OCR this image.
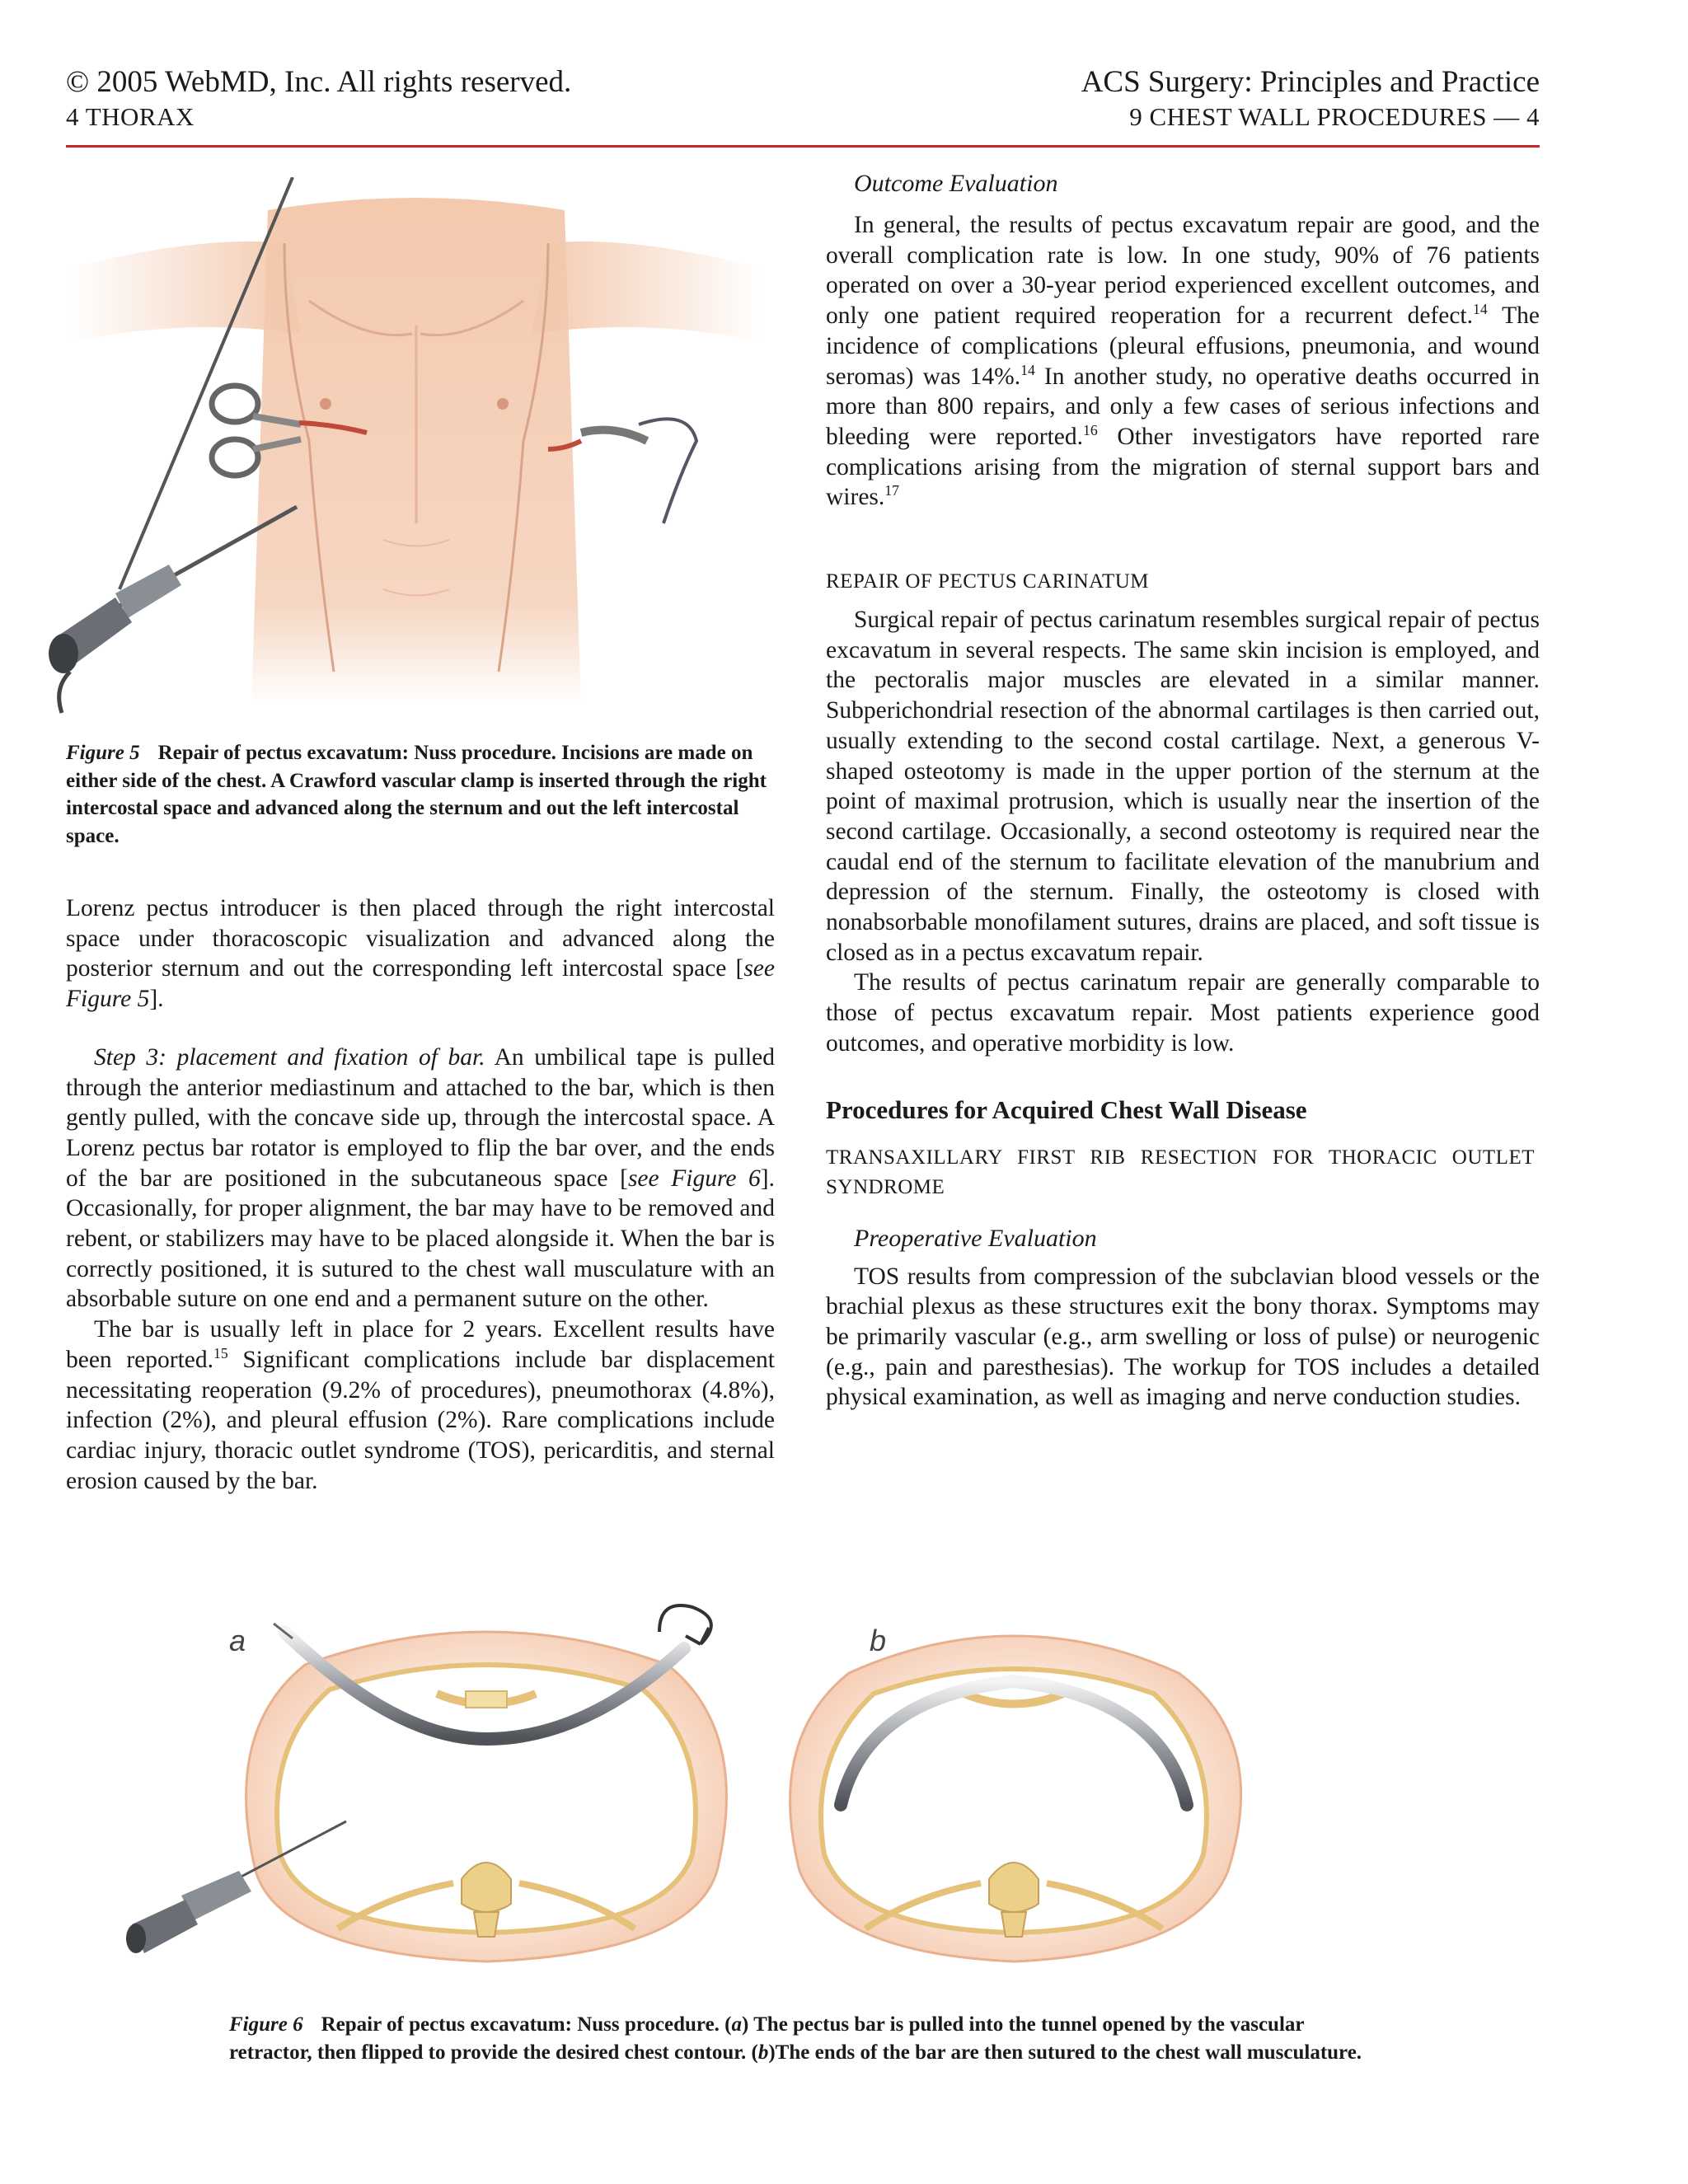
© 2005 WebMD, Inc. All rights reserved.
4 THORAX
ACS Surgery: Principles and Practice
9 CHEST WALL PROCEDURES — 4
Figure 5 Repair of pectus excavatum: Nuss procedure. Incisions are made on either side of the chest. A Crawford vascular clamp is inserted through the right intercostal space and advanced along the sternum and out the left intercostal space.

Lorenz pectus introducer is then placed through the right intercostal space under thoracoscopic visualization and advanced along the posterior sternum and out the corresponding left intercostal space [see Figure 5].

Step 3: placement and fixation of bar. An umbilical tape is pulled through the anterior mediastinum and attached to the bar, which is then gently pulled, with the concave side up, through the intercostal space. A Lorenz pectus bar rotator is employed to flip the bar over, and the ends of the bar are positioned in the subcutaneous space [see Figure 6]. Occasionally, for proper alignment, the bar may have to be removed and rebent, or stabilizers may have to be placed alongside it. When the bar is correctly positioned, it is sutured to the chest wall musculature with an absorbable suture on one end and a permanent suture on the other.

The bar is usually left in place for 2 years. Excellent results have been reported.$^{15}$ Significant complications include bar displacement necessitating reoperation (9.2% of procedures), pneumothorax (4.8%), infection (2%), and pleural effusion (2%). Rare complications include cardiac injury, thoracic outlet syndrome (TOS), pericarditis, and sternal erosion caused by the bar.

Outcome Evaluation

In general, the results of pectus excavatum repair are good, and the overall complication rate is low. In one study, 90% of 76 patients operated on over a 30-year period experienced excellent outcomes, and only one patient required reoperation for a recurrent defect.$^{14}$ The incidence of complications (pleural effusions, pneumonia, and wound seromas) was 14%.$^{14}$ In another study, no operative deaths occurred in more than 800 repairs, and only a few cases of serious infections and bleeding were reported.$^{16}$ Other investigators have reported rare complications arising from the migration of sternal support bars and wires.$^{17}$

REPAIR OF PECTUS CARINATUM

Surgical repair of pectus carinatum resembles surgical repair of pectus excavatum in several respects. The same skin incision is employed, and the pectoralis major muscles are elevated in a similar manner. Subperichondrial resection of the abnormal cartilages is then carried out, usually extending to the second costal cartilage. Next, a generous V-shaped osteotomy is made in the upper portion of the sternum at the point of maximal protrusion, which is usually near the insertion of the second cartilage. Occasionally, a second osteotomy is required near the caudal end of the sternum to facilitate elevation of the manubrium and depression of the sternum. Finally, the osteotomy is closed with nonabsorbable monofilament sutures, drains are placed, and soft tissue is closed as in a pectus excavatum repair.

The results of pectus carinatum repair are generally comparable to those of pectus excavatum repair. Most patients experience good outcomes, and operative morbidity is low.

Procedures for Acquired Chest Wall Disease
TRANSAXILLARY FIRST RIB RESECTION FOR THORACIC OUTLET SYNDROME
Preoperative Evaluation

TOS results from compression of the subclavian blood vessels or the brachial plexus as these structures exit the bony thorax. Symptoms may be primarily vascular (e.g., arm swelling or loss of pulse) or neurogenic (e.g., pain and paresthesias). The workup for TOS includes a detailed physical examination, as well as imaging and nerve conduction studies.

a	b
Figure 6 Repair of pectus excavatum: Nuss procedure. (a) The pectus bar is pulled into the tunnel opened by the vascular retractor, then flipped to provide the desired chest contour. (b)The ends of the bar are then sutured to the chest wall musculature.
